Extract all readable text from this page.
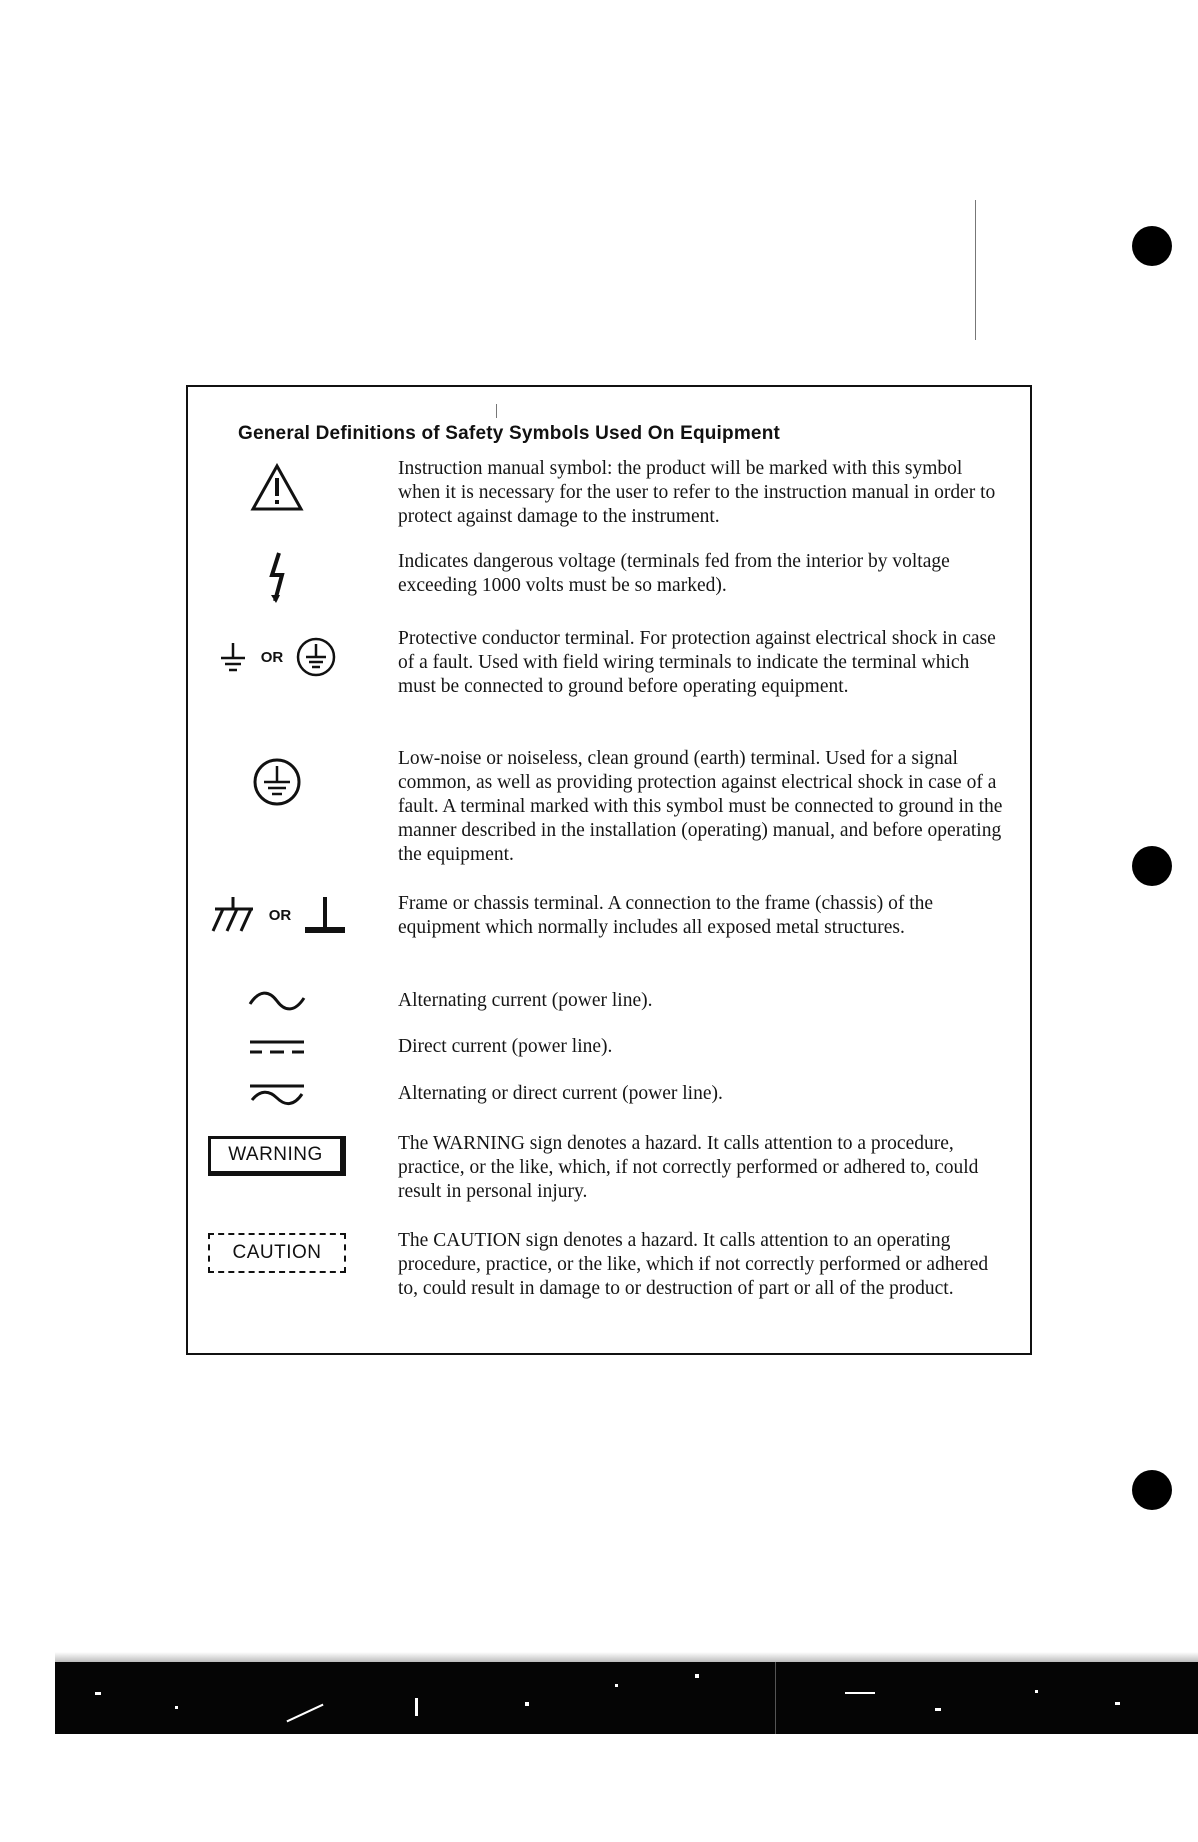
General Definitions of Safety Symbols Used On Equipment
Instruction manual symbol: the product will be marked with this symbol when it is necessary for the user to refer to the instruction manual in order to protect against damage to the instrument.
Indicates dangerous voltage (terminals fed from the interior by voltage exceeding 1000 volts must be so marked).
OR
Protective conductor terminal. For protection against electrical shock in case of a fault. Used with field wiring terminals to indicate the terminal which must be connected to ground before operating equipment.
Low-noise or noiseless, clean ground (earth) terminal. Used for a signal common, as well as providing protection against electrical shock in case of a fault. A terminal marked with this symbol must be connected to ground in the manner described in the installation (operating) manual, and before operating the equipment.
OR
Frame or chassis terminal. A connection to the frame (chassis) of the equipment which normally includes all exposed metal structures.
Alternating current (power line).
Direct current (power line).
Alternating or direct current (power line).
WARNING
The WARNING sign denotes a hazard. It calls attention to a procedure, practice, or the like, which, if not correctly performed or adhered to, could result in personal injury.
CAUTION
The CAUTION sign denotes a hazard. It calls attention to an operating procedure, practice, or the like, which if not correctly performed or adhered to, could result in damage to or destruction of part or all of the product.
